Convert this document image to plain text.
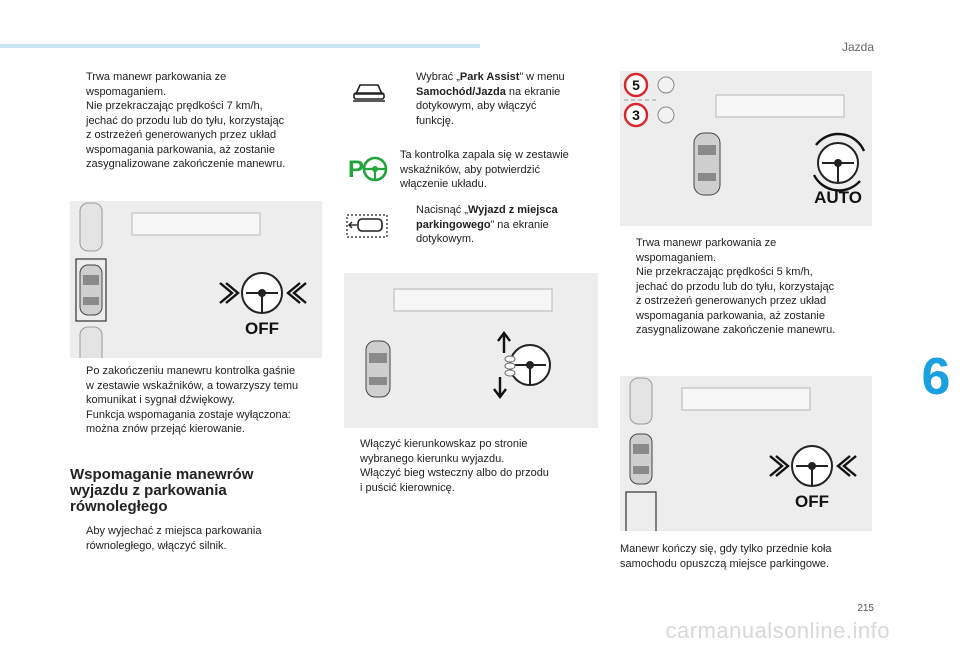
Jazda
6
215
carmanualsonline.info
Trwa manewr parkowania ze
wspomaganiem.
Nie przekraczając prędkości 7 km/h,
jechać do przodu lub do tyłu, korzystając
z ostrzeżeń generowanych przez układ
wspomagania parkowania, aż zostanie
zasygnalizowane zakończenie manewru.
OFF
Po zakończeniu manewru kontrolka gaśnie
w zestawie wskaźników, a towarzyszy temu
komunikat i sygnał dźwiękowy.
Funkcja wspomagania zostaje wyłączona:
można znów przejąć kierowanie.
Wspomaganie manewrów
wyjazdu z parkowania
równoległego
Aby wyjechać z miejsca parkowania
równoległego, włączyć silnik.
Wybrać „Park Assist” w menu
Samochód/Jazda na ekranie
dotykowym, aby włączyć
funkcję.
P
Ta kontrolka zapala się w zestawie
wskaźników, aby potwierdzić
włączenie układu.
Nacisnąć „Wyjazd z miejsca
parkingowego” na ekranie
dotykowym.
Włączyć kierunkowskaz po stronie
wybranego kierunku wyjazdu.
Włączyć bieg wsteczny albo do przodu
i puścić kierownicę.
5
3
AUTO
Trwa manewr parkowania ze
wspomaganiem.
Nie przekraczając prędkości 5 km/h,
jechać do przodu lub do tyłu, korzystając
z ostrzeżeń generowanych przez układ
wspomagania parkowania, aż zostanie
zasygnalizowane zakończenie manewru.
OFF
Manewr kończy się, gdy tylko przednie koła
samochodu opuszczą miejsce parkingowe.
